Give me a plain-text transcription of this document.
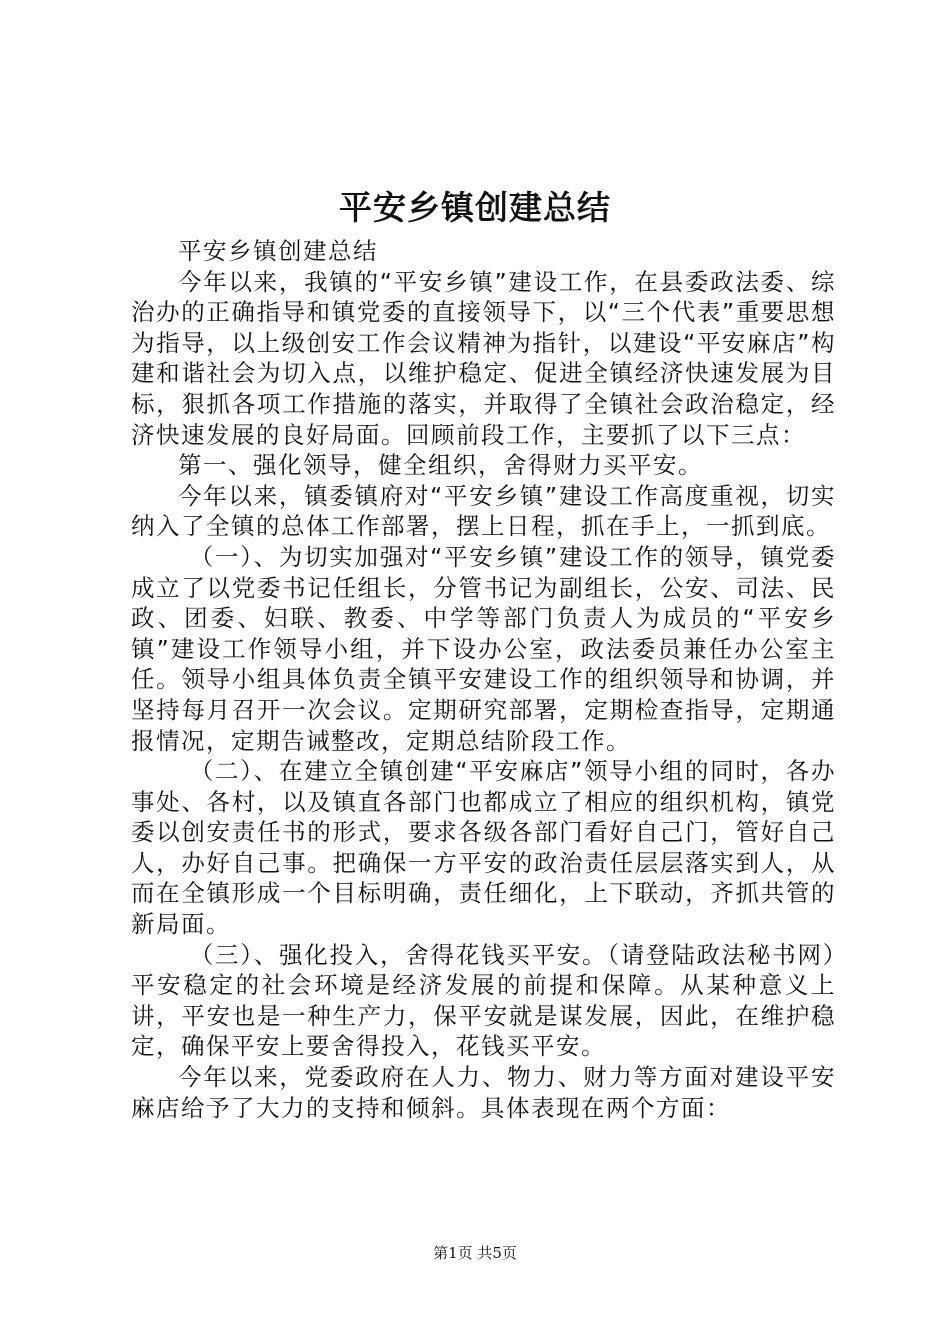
平安乡镇创建总结

平安乡镇创建总结

今年以来，我镇的“平安乡镇”建设工作，在县委政法委、综治办的正确指导和镇党委的直接领导下，以“三个代表”重要思想为指导，以上级创安工作会议精神为指针，以建设“平安麻店”构建和谐社会为切入点，以维护稳定、促进全镇经济快速发展为目标，狠抓各项工作措施的落实，并取得了全镇社会政治稳定，经济快速发展的良好局面。回顾前段工作，主要抓了以下三点：

第一、强化领导，健全组织，舍得财力买平安。

今年以来，镇委镇府对“平安乡镇”建设工作高度重视，切实纳入了全镇的总体工作部署，摆上日程，抓在手上，一抓到底。

（一）、为切实加强对“平安乡镇”建设工作的领导，镇党委成立了以党委书记任组长，分管书记为副组长，公安、司法、民政、团委、妇联、教委、中学等部门负责人为成员的“平安乡镇”建设工作领导小组，并下设办公室，政法委员兼任办公室主任。领导小组具体负责全镇平安建设工作的组织领导和协调，并坚持每月召开一次会议。定期研究部署，定期检查指导，定期通报情况，定期告诫整改，定期总结阶段工作。

（二）、在建立全镇创建“平安麻店”领导小组的同时，各办事处、各村，以及镇直各部门也都成立了相应的组织机构，镇党委以创安责任书的形式，要求各级各部门看好自己门，管好自己人，办好自己事。把确保一方平安的政治责任层层落实到人，从而在全镇形成一个目标明确，责任细化，上下联动，齐抓共管的新局面。

（三）、强化投入，舍得花钱买平安。（请登陆政法秘书网）平安稳定的社会环境是经济发展的前提和保障。从某种意义上讲，平安也是一种生产力，保平安就是谋发展，因此，在维护稳定，确保平安上要舍得投入，花钱买平安。

今年以来，党委政府在人力、物力、财力等方面对建设平安麻店给予了大力的支持和倾斜。具体表现在两个方面：

第1页 共5页
